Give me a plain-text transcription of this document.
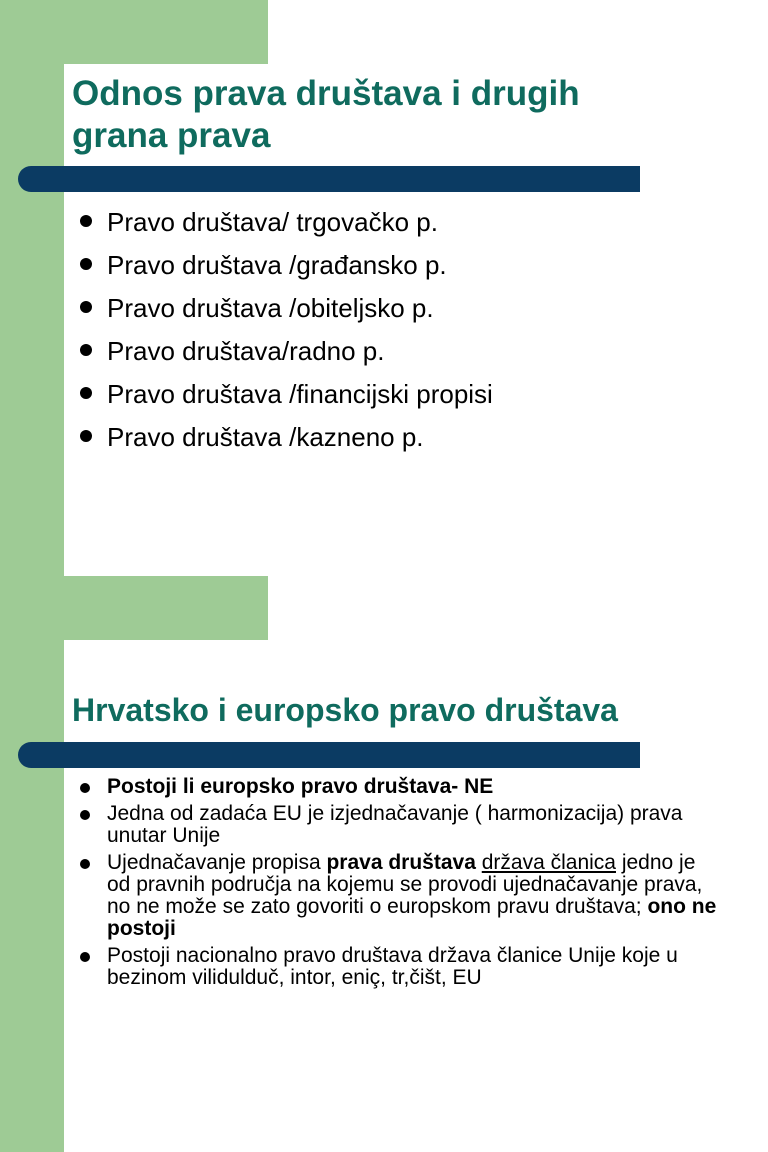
Odnos prava društava i drugih grana prava
Pravo društava/ trgovačko p.
Pravo društava /građansko p.
Pravo društava /obiteljsko p.
Pravo društava/radno p.
Pravo društava /financijski propisi
Pravo društava /kazneno p.
Hrvatsko i europsko pravo društava
Postoji li europsko pravo društava- NE
Jedna od zadaća EU je izjednačavanje ( harmonizacija) prava unutar Unije
Ujednačavanje propisa prava društava država članica jedno je od pravnih područja na kojemu se provodi ujednačavanje prava, no ne može se zato govoriti o europskom pravu društava; ono ne postoji
Postoji nacionalno pravo društava država članice Unije koje u bezinom vilidulduč, intor, eniç, tr,čišt, EU
